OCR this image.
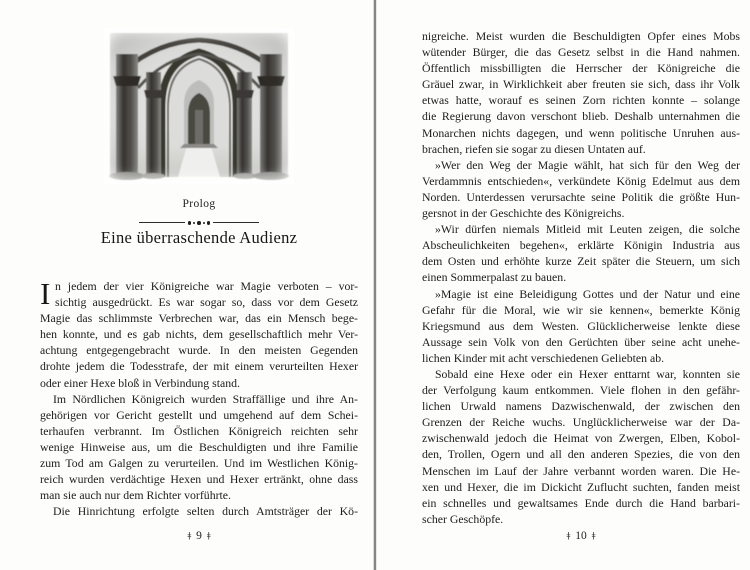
Prolog
Eine überraschende Audienz
n jedem der vier Königreiche war Magie verboten – vor-
sichtig ausgedrückt. Es war sogar so, dass vor dem Gesetz
Magie das schlimmste Verbrechen war, das ein Mensch bege-
hen konnte, und es gab nichts, dem gesellschaftlich mehr Ver-
achtung entgegengebracht wurde. In den meisten Gegenden
drohte jedem die Todesstrafe, der mit einem verurteilten Hexer
oder einer Hexe bloß in Verbindung stand.
I
Im Nördlichen Königreich wurden Straffällige und ihre An-
gehörigen vor Gericht gestellt und umgehend auf dem Schei-
terhaufen verbrannt. Im Östlichen Königreich reichten sehr
wenige Hinweise aus, um die Beschuldigten und ihre Familie
zum Tod am Galgen zu verurteilen. Und im Westlichen König-
reich wurden verdächtige Hexen und Hexer ertränkt, ohne dass
man sie auch nur dem Richter vorführte.
Die Hinrichtung erfolgte selten durch Amtsträger der Kö-
ǂ 9 ǂ
nigreiche. Meist wurden die Beschuldigten Opfer eines Mobs
wütender Bürger, die das Gesetz selbst in die Hand nahmen.
Öffentlich missbilligten die Herrscher der Königreiche die
Gräuel zwar, in Wirklichkeit aber freuten sie sich, dass ihr Volk
etwas hatte, worauf es seinen Zorn richten konnte – solange
die Regierung davon verschont blieb. Deshalb unternahmen die
Monarchen nichts dagegen, und wenn politische Unruhen aus-
brachen, riefen sie sogar zu diesen Untaten auf.
»Wer den Weg der Magie wählt, hat sich für den Weg der
Verdammnis entschieden«, verkündete König Edelmut aus dem
Norden. Unterdessen verursachte seine Politik die größte Hun-
gersnot in der Geschichte des Königreichs.
»Wir dürfen niemals Mitleid mit Leuten zeigen, die solche
Abscheulichkeiten begehen«, erklärte Königin Industria aus
dem Osten und erhöhte kurze Zeit später die Steuern, um sich
einen Sommerpalast zu bauen.
»Magie ist eine Beleidigung Gottes und der Natur und eine
Gefahr für die Moral, wie wir sie kennen«, bemerkte König
Kriegsmund aus dem Westen. Glücklicherweise lenkte diese
Aussage sein Volk von den Gerüchten über seine acht unehe-
lichen Kinder mit acht verschiedenen Geliebten ab.
Sobald eine Hexe oder ein Hexer enttarnt war, konnten sie
der Verfolgung kaum entkommen. Viele flohen in den gefähr-
lichen Urwald namens Dazwischenwald, der zwischen den
Grenzen der Reiche wuchs. Unglücklicherweise war der Da-
zwischenwald jedoch die Heimat von Zwergen, Elben, Kobol-
den, Trollen, Ogern und all den anderen Spezies, die von den
Menschen im Lauf der Jahre verbannt worden waren. Die He-
xen und Hexer, die im Dickicht Zuflucht suchten, fanden meist
ein schnelles und gewaltsames Ende durch die Hand barbari-
scher Geschöpfe.
ǂ 10 ǂ
